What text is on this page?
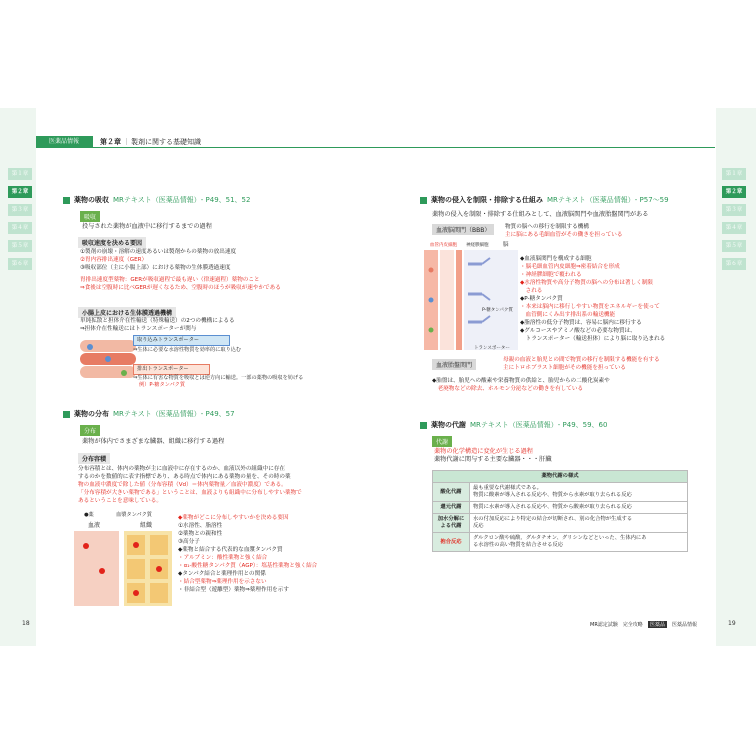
医薬品情報	第２章 ｜ 製剤に関する基礎知識
第１章
第２章
第３章
第４章
第５章
第６章
第１章
第２章
第３章
第４章
第５章
第６章
薬物の吸収 MRテキスト（医薬品情報）- P49、51、52
吸収
投与された薬物が血液中に移行するまでの過程
吸収速度を決める要因
①製剤の崩壊・溶解の速度あるいは製剤からの薬物の放出速度
②胃内容排出速度（GER）
③吸収部位（主に小腸上部）における薬物の生体膜透過速度
胃排出速度型薬物：GERが吸収過程で最も遅い（律速過程）薬物のこと
⇒食後は空腹時に比べGERが遅くなるため、空腹時のほうが吸収が速やかである
小腸上皮における生体膜透過機構
単純拡散と担体介在性輸送（特殊輸送）の2つの機構によるる
⇒担体介在性輸送にはトランスポーターが関与
取り込みトランスポーター
⇒生体に必要な水溶性物質を効率的に取り込む
排出トランスポーター
⇒生体に有害な物質を吸収とは逆方向に輸送。一部の薬物の吸収を妨げる
例）P-糖タンパク質
薬物の分布 MRテキスト（医薬品情報）- P49、57
分布
薬物が体内でさまざまな臓器、組織に移行する過程
分布容積
分布容積とは、体内の薬物が主に血液中に存在するのか、血液以外の組織中に存在
するのかを数値的に表す指標であり、ある時点で体内にある薬物の量を、その時の薬
物の血液中濃度で除した値（分布容積（Vd）＝体内薬物量／血液中濃度）である。
「分布容積が大きい薬物である」ということは、血液よりも組織中に分布しやすい薬物で
あるということを意味している。
●薬	血漿タンパク質
血液	組織
◆薬物がどこに分布しやすいかを決める要因
①水溶性、脂溶性
②薬物との親和性
③高分子
◆薬物と結合する代表的な血漿タンパク質
・アルブミン：酸性薬物と強く結合
・α₁-酸性糖タンパク質（AGP）：塩基性薬物と強く結合
◆タンパク結合と薬理作用との関係
・結合型薬物⇒薬理作用を示さない
・非結合型（遊離型）薬物⇒薬理作用を示す
18
薬物の侵入を制限・排除する仕組み MRテキスト（医薬品情報）- P57〜59
薬物の侵入を制限・排除する仕組みとして、血液脳関門や血液胎盤関門がある
血液脳関門（BBB）	物質の脳への移行を制限する機構
主に脳にある毛細血管がその働きを担っている
血管内皮細胞 神経膠細胞	脳
P-糖タンパク質
トランスポーター
◆血液脳関門を構成する細胞
・脳毛細血管内皮細胞⇒密着結合を形成
・神経膠細胞で覆われる
◆水溶性物質や高分子物質の脳への分布は著しく制限
　される
◆P-糖タンパク質
・本来は脳内に移行しやすい物質をエネルギーを使って
　血管側にくみ出す排出系の輸送機能
◆脂溶性の低分子物質は、容易に脳内に移行する
◆グルコースやアミノ酸などの必要な物質は、
　トランスポーター（輸送担体）により脳に取り込まれる
血液胎盤関門
母親の血液と胎児との間で物質の移行を制限する機能を有する
主にトロホブラスト細胞がその機能を担っている
◆胎盤は、胎児への酸素や栄養物質の供給と、胎児からの二酸化炭素や
　老廃物などの除去、ホルモン分泌などの働きを有している
薬物の代謝 MRテキスト（医薬品情報）- P49、59、60
代謝
薬物の化学構造に変化が生じる過程
薬物代謝に関与する主要な臓器・・・肝臓
薬物代謝の様式	
酸化代謝	最も重要な代謝様式である。
物質に酸素が導入される反応や、物質から水素が取り去られる反応

還元代謝	物質に水素が導入される反応や、物質から酸素が取り去られる反応

加水分解による代謝	水の付加反応により特定の結合が切断され、別の化合物が生成する
反応

抱合反応	グルクロン酸や硫酸、グルタチオン、グリシンなどといった、生体内にあ
る水溶性の高い物質を結合させる反応
MR認定試験　完全攻略	医薬品	医薬品情報	19
